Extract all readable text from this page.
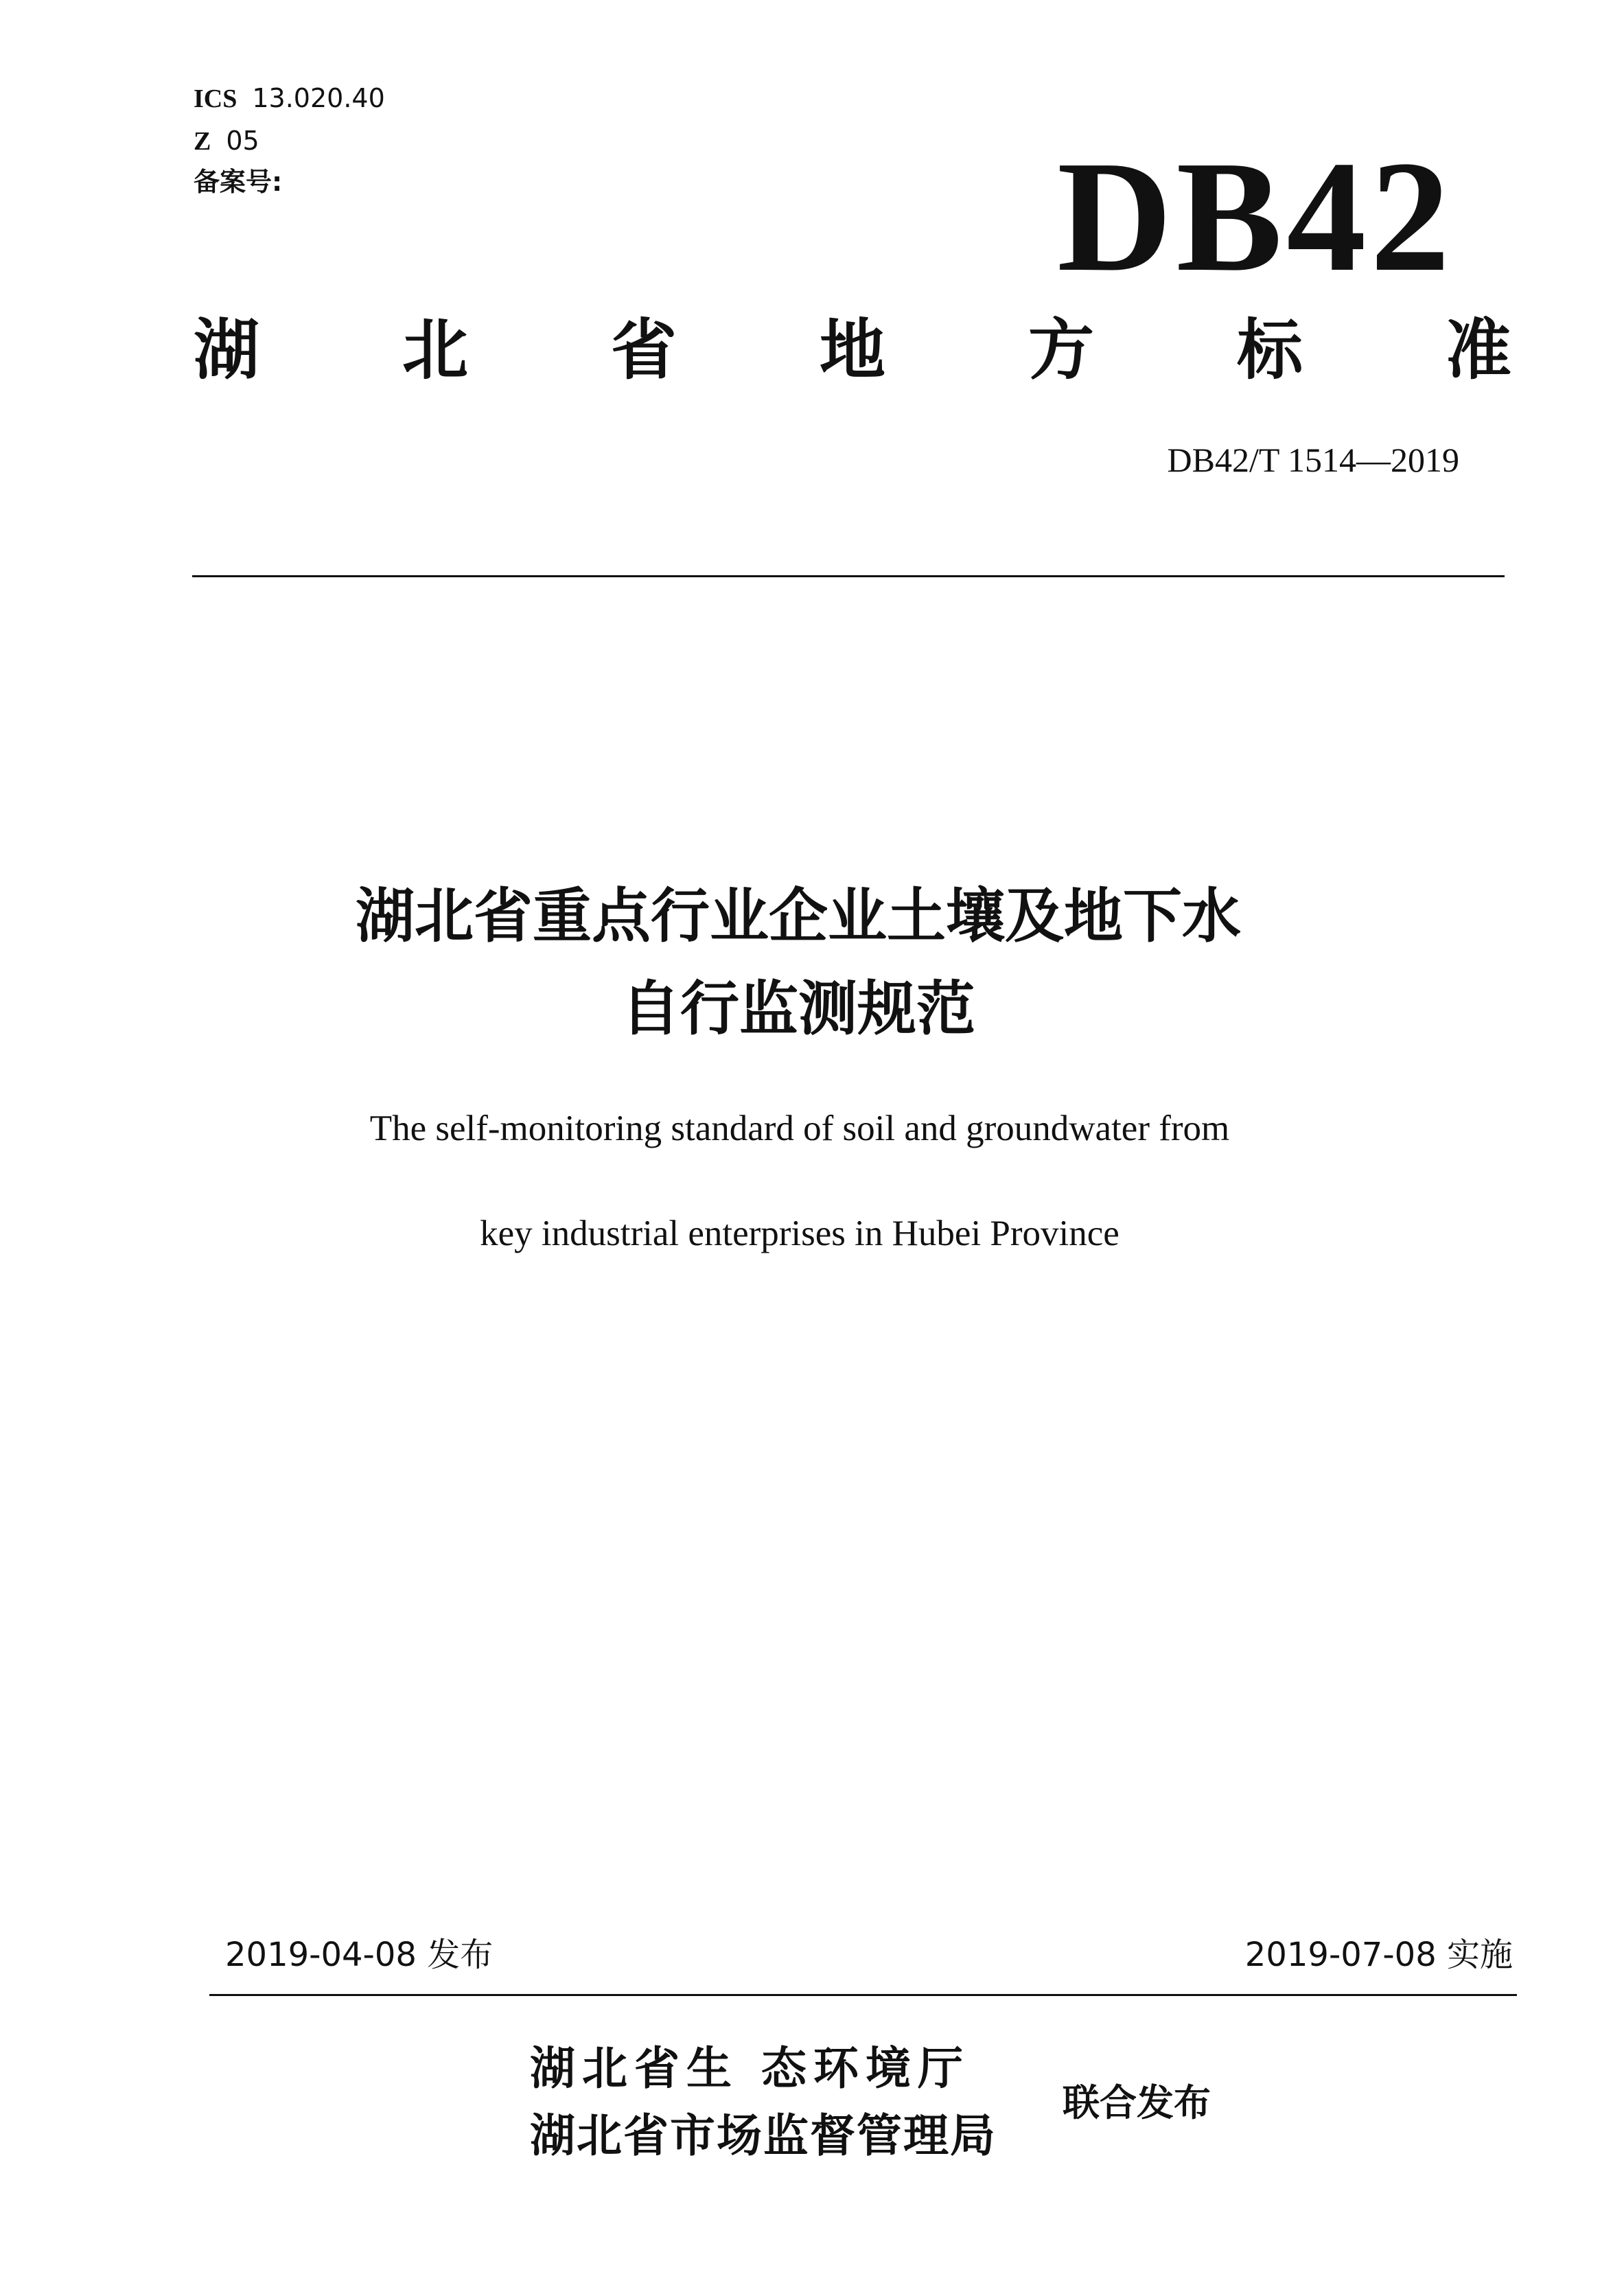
ICS 13.020.40
Z 05
备案号:	DB42
湖 北 省 地 方 标 准
DB42/T 1514—2019
湖北省重点行业企业土壤及地下水
自行监测规范
The self-monitoring standard of soil and groundwater from
key industrial enterprises in Hubei Province
2019-04-08 发布	2019-07-08 实施
湖北省生 态环境厅
湖北省市场监督管理局
联合发布
